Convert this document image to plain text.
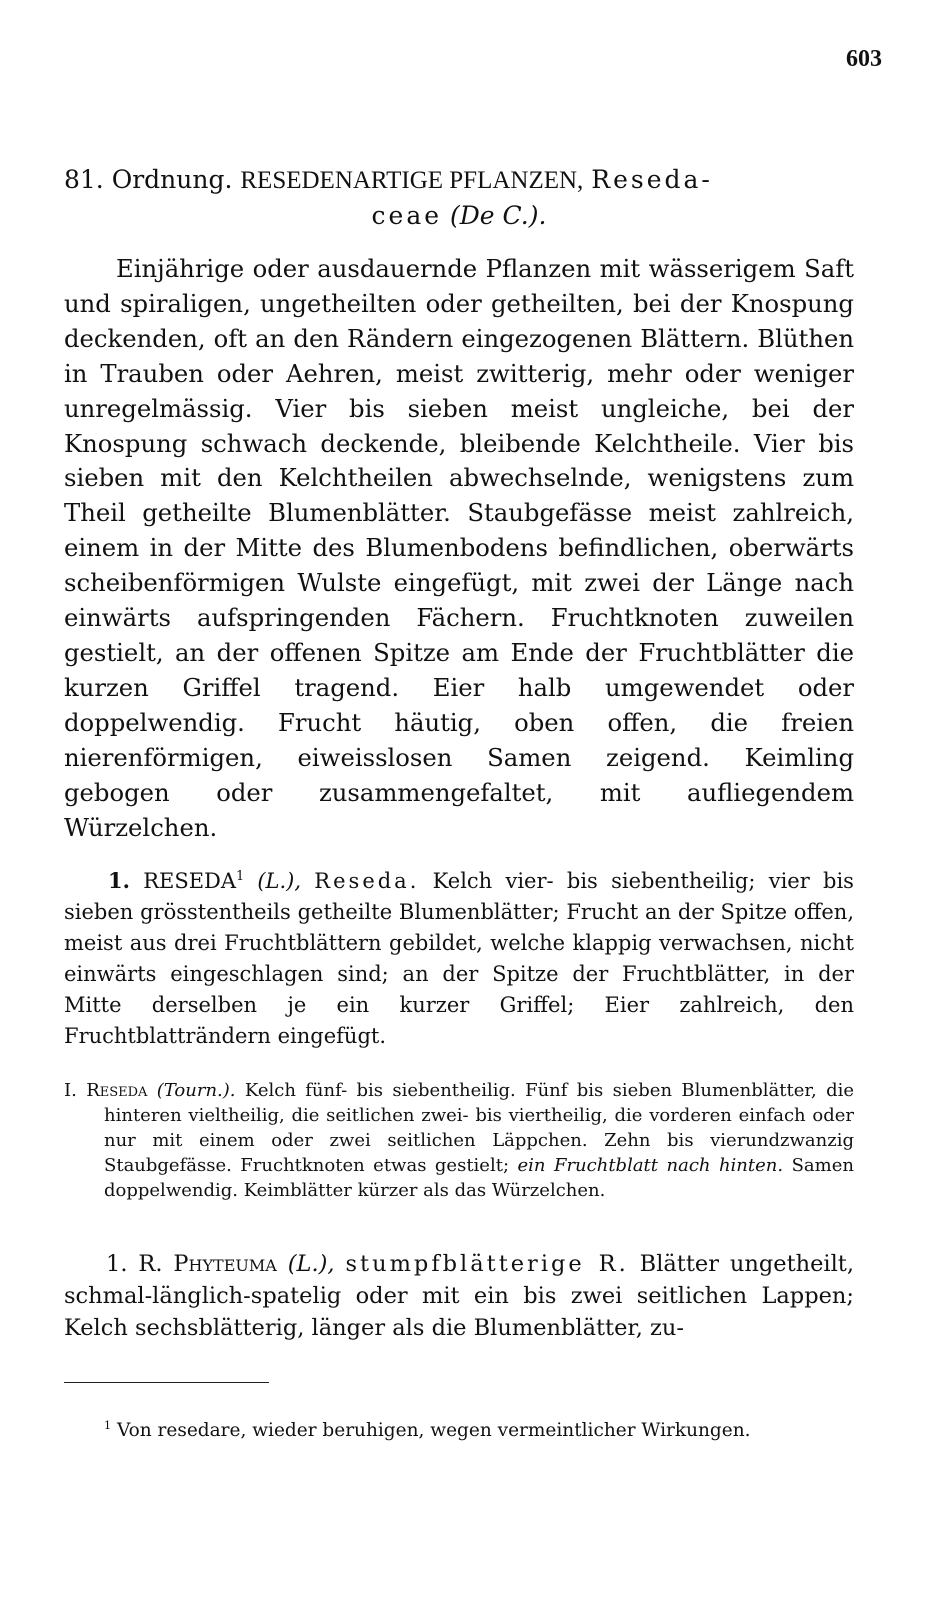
603
81. Ordnung. RESEDENARTIGE PFLANZEN, Reseda-
ceae (De C.).
Einjährige oder ausdauernde Pflanzen mit wässerigem Saft und spiraligen, ungetheilten oder getheilten, bei der Knospung deckenden, oft an den Rändern eingezogenen Blättern. Blüthen in Trauben oder Aehren, meist zwitterig, mehr oder weniger unregelmässig. Vier bis sieben meist ungleiche, bei der Knospung schwach deckende, bleibende Kelchtheile. Vier bis sieben mit den Kelchtheilen abwechselnde, wenigstens zum Theil getheilte Blumenblätter. Staubgefässe meist zahlreich, einem in der Mitte des Blumenbodens befindlichen, oberwärts scheibenförmigen Wulste eingefügt, mit zwei der Länge nach einwärts aufspringenden Fächern. Fruchtknoten zuweilen gestielt, an der offenen Spitze am Ende der Fruchtblätter die kurzen Griffel tragend. Eier halb umgewendet oder doppelwendig. Frucht häutig, oben offen, die freien nierenförmigen, eiweisslosen Samen zeigend. Keimling gebogen oder zusammengefaltet, mit aufliegendem Würzelchen.
1. RESEDA$^1$ (L.), Reseda. Kelch vier- bis siebentheilig; vier bis sieben grösstentheils getheilte Blumenblätter; Frucht an der Spitze offen, meist aus drei Fruchtblättern gebildet, welche klappig verwachsen, nicht einwärts eingeschlagen sind; an der Spitze der Fruchtblätter, in der Mitte derselben je ein kurzer Griffel; Eier zahlreich, den Fruchtblatträndern eingefügt.
I. Reseda (Tourn.). Kelch fünf- bis siebentheilig. Fünf bis sieben Blumenblätter, die hinteren vieltheilig, die seitlichen zwei- bis viertheilig, die vorderen einfach oder nur mit einem oder zwei seitlichen Läppchen. Zehn bis vierundzwanzig Staubgefässe. Fruchtknoten etwas gestielt; ein Fruchtblatt nach hinten. Samen doppelwendig. Keimblätter kürzer als das Würzelchen.
1. R. Phyteuma (L.), stumpfblätterige R. Blätter ungetheilt, schmal-länglich-spatelig oder mit ein bis zwei seitlichen Lappen; Kelch sechsblätterig, länger als die Blumenblätter, zu-
$^1$ Von resedare, wieder beruhigen, wegen vermeintlicher Wirkungen.
